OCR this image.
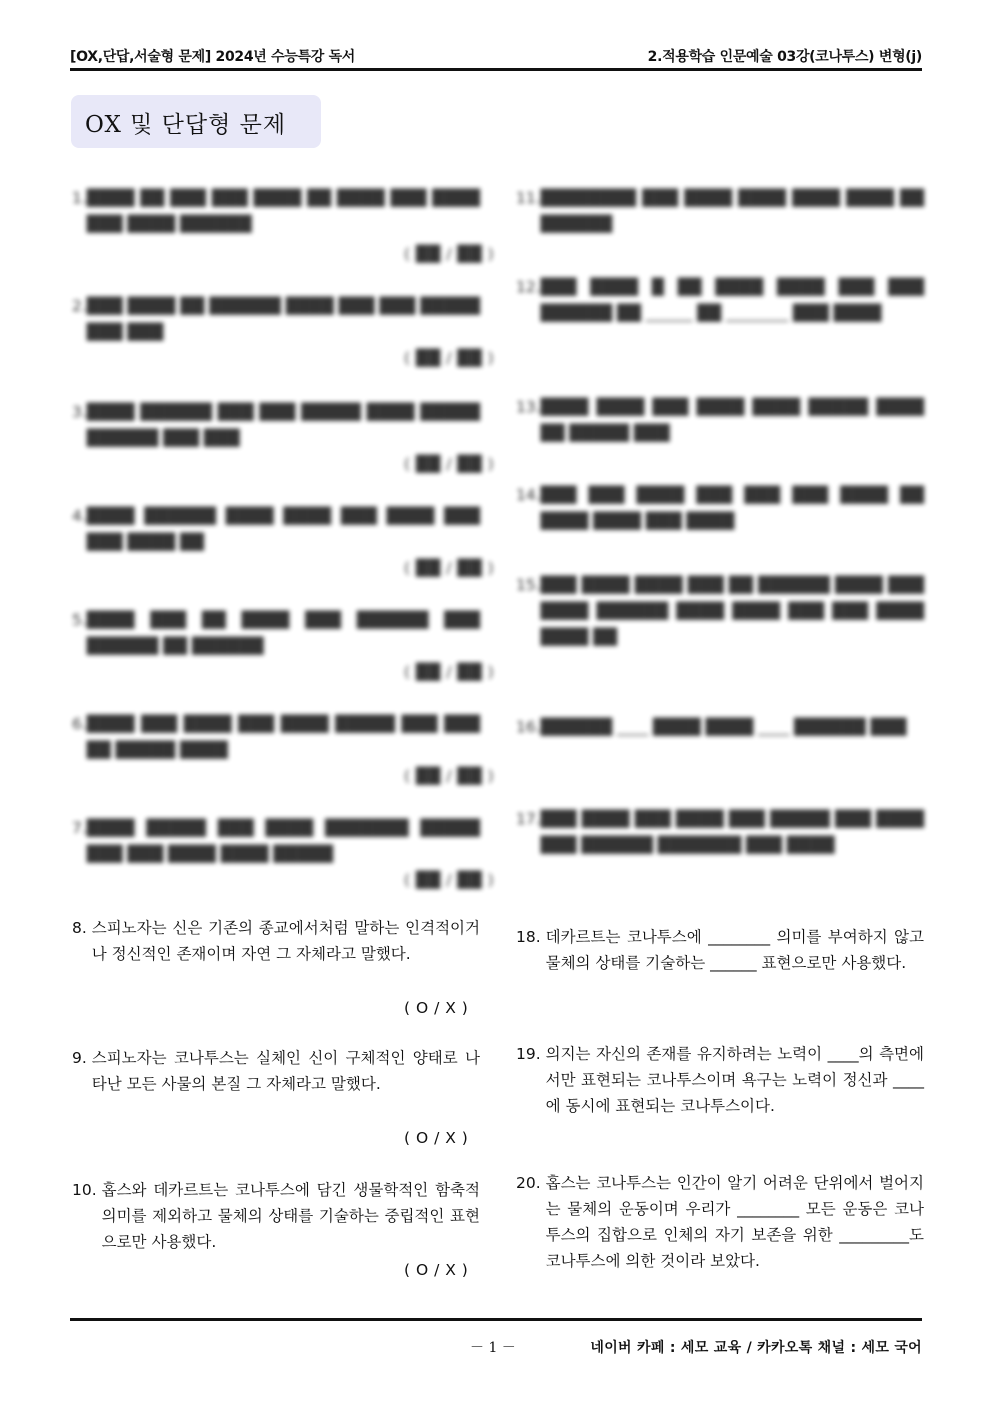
[OX,단답,서술형 문제] 2024년 수능특강 독서	2.적용학습 인문예술 03강(코나투스) 변형(j)
OX 및 단답형 문제
1. ████ ██ ███ ███ ████ ██ ████ ███ ████ ███ ████ ██████
( ██ / ██ )
2. ███ ████ ██ ██████ ████ ███ ███ █████ ███ ███
( ██ / ██ )
3. ████ ██████ ███ ███ █████ ████ █████ ██████ ███ ███
( ██ / ██ )
4. ████ ██████ ████ ████ ███ ████ ███ ███ ████ ██
( ██ / ██ )
5. ████ ███ ██ ████ ███ ██████ ███ ██████ ██ ██████
( ██ / ██ )
6. ████ ███ ████ ███ ████ █████ ███ ███ ██ █████ ████
( ██ / ██ )
7. ████ █████ ███ ████ ███████ █████ ███ ███ ████ ████ █████
( ██ / ██ )
11. ████████ ███ ████ ████ ████ ████ ██ ██████
12. ███ ████ █ ██ ████ ████ ███ ███ ██████ ██ ______ ██ ________ ███ ████
13. ████ ████ ███ ████ ████ █████ ████ ██ █████ ███
14. ███ ███ ████ ███ ███ ███ ████ ██ ████ ████ ███ ████
15. ███ ████ ████ ███ ██ ██████ ████ ███ ████ ██████ ████ ████ ███ ███ ████ ████ ██
16. ██████ ____ ████ ████ ____ ██████ ███
17. ███ ████ ███ ████ ███ █████ ███ ████ ███ ██████ ███████ ███ ████
8.
스피노자는 신은 기존의 종교에서처럼 말하는 인격적이거나 정신적인 존재이며 자연 그 자체라고 말했다.
( O / X )
9.
스피노자는 코나투스는 실체인 신이 구체적인 양태로 나타난 모든 사물의 본질 그 자체라고 말했다.
( O / X )
10.
홉스와 데카르트는 코나투스에 담긴 생물학적인 함축적 의미를 제외하고 물체의 상태를 기술하는 중립적인 표현으로만 사용했다.
( O / X )
18.
데카르트는 코나투스에 ________ 의미를 부여하지 않고 물체의 상태를 기술하는 ______ 표현으로만 사용했다.
19.
의지는 자신의 존재를 유지하려는 노력이 ____의 측면에서만 표현되는 코나투스이며 욕구는 노력이 정신과 ____에 동시에 표현되는 코나투스이다.
20.
홉스는 코나투스는 인간이 알기 어려운 단위에서 벌어지는 물체의 운동이며 우리가 ________ 모든 운동은 코나투스의 집합으로 인체의 자기 보존을 위한 _________도 코나투스에 의한 것이라 보았다.
－ 1 －	네이버 카페 : 세모 교육 / 카카오톡 채널 : 세모 국어
